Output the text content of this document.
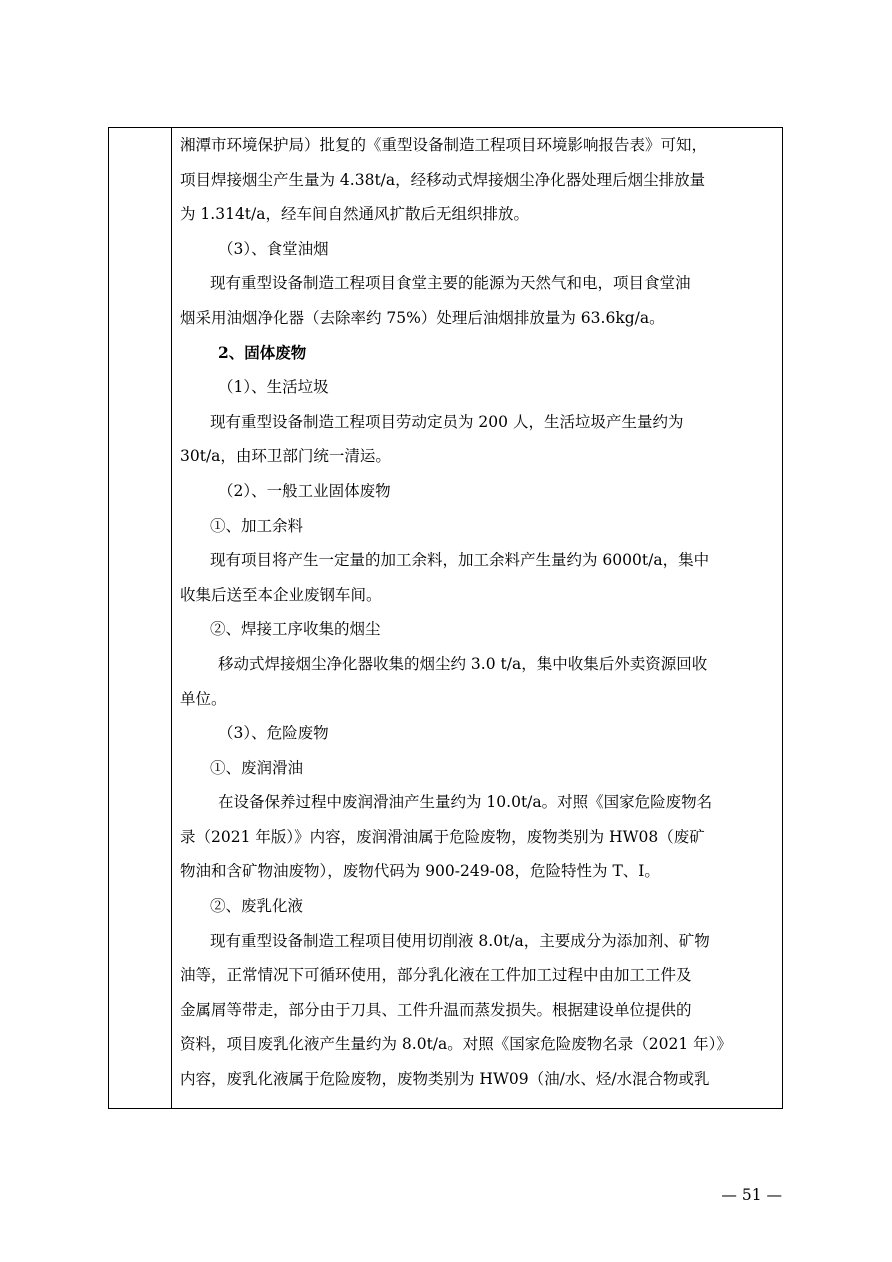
湘潭市环境保护局）批复的《重型设备制造工程项目环境影响报告表》可知，
项目焊接烟尘产生量为 4.38t/a，经移动式焊接烟尘净化器处理后烟尘排放量
为 1.314t/a，经车间自然通风扩散后无组织排放。
（3）、食堂油烟
现有重型设备制造工程项目食堂主要的能源为天然气和电，项目食堂油
烟采用油烟净化器（去除率约 75%）处理后油烟排放量为 63.6kg/a。
2、固体废物
（1）、生活垃圾
现有重型设备制造工程项目劳动定员为 200 人，生活垃圾产生量约为
30t/a，由环卫部门统一清运。
（2）、一般工业固体废物
①、加工余料
现有项目将产生一定量的加工余料，加工余料产生量约为 6000t/a，集中
收集后送至本企业废钢车间。
②、焊接工序收集的烟尘
移动式焊接烟尘净化器收集的烟尘约 3.0 t/a，集中收集后外卖资源回收
单位。
（3）、危险废物
①、废润滑油
在设备保养过程中废润滑油产生量约为 10.0t/a。对照《国家危险废物名
录（2021 年版）》内容，废润滑油属于危险废物，废物类别为 HW08（废矿
物油和含矿物油废物），废物代码为 900-249-08，危险特性为 T、I。
②、废乳化液
现有重型设备制造工程项目使用切削液 8.0t/a，主要成分为添加剂、矿物
油等，正常情况下可循环使用，部分乳化液在工件加工过程中由加工工件及
金属屑等带走，部分由于刀具、工件升温而蒸发损失。根据建设单位提供的
资料，项目废乳化液产生量约为 8.0t/a。对照《国家危险废物名录（2021 年）》
内容，废乳化液属于危险废物，废物类别为 HW09（油/水、烃/水混合物或乳
— 51 —
